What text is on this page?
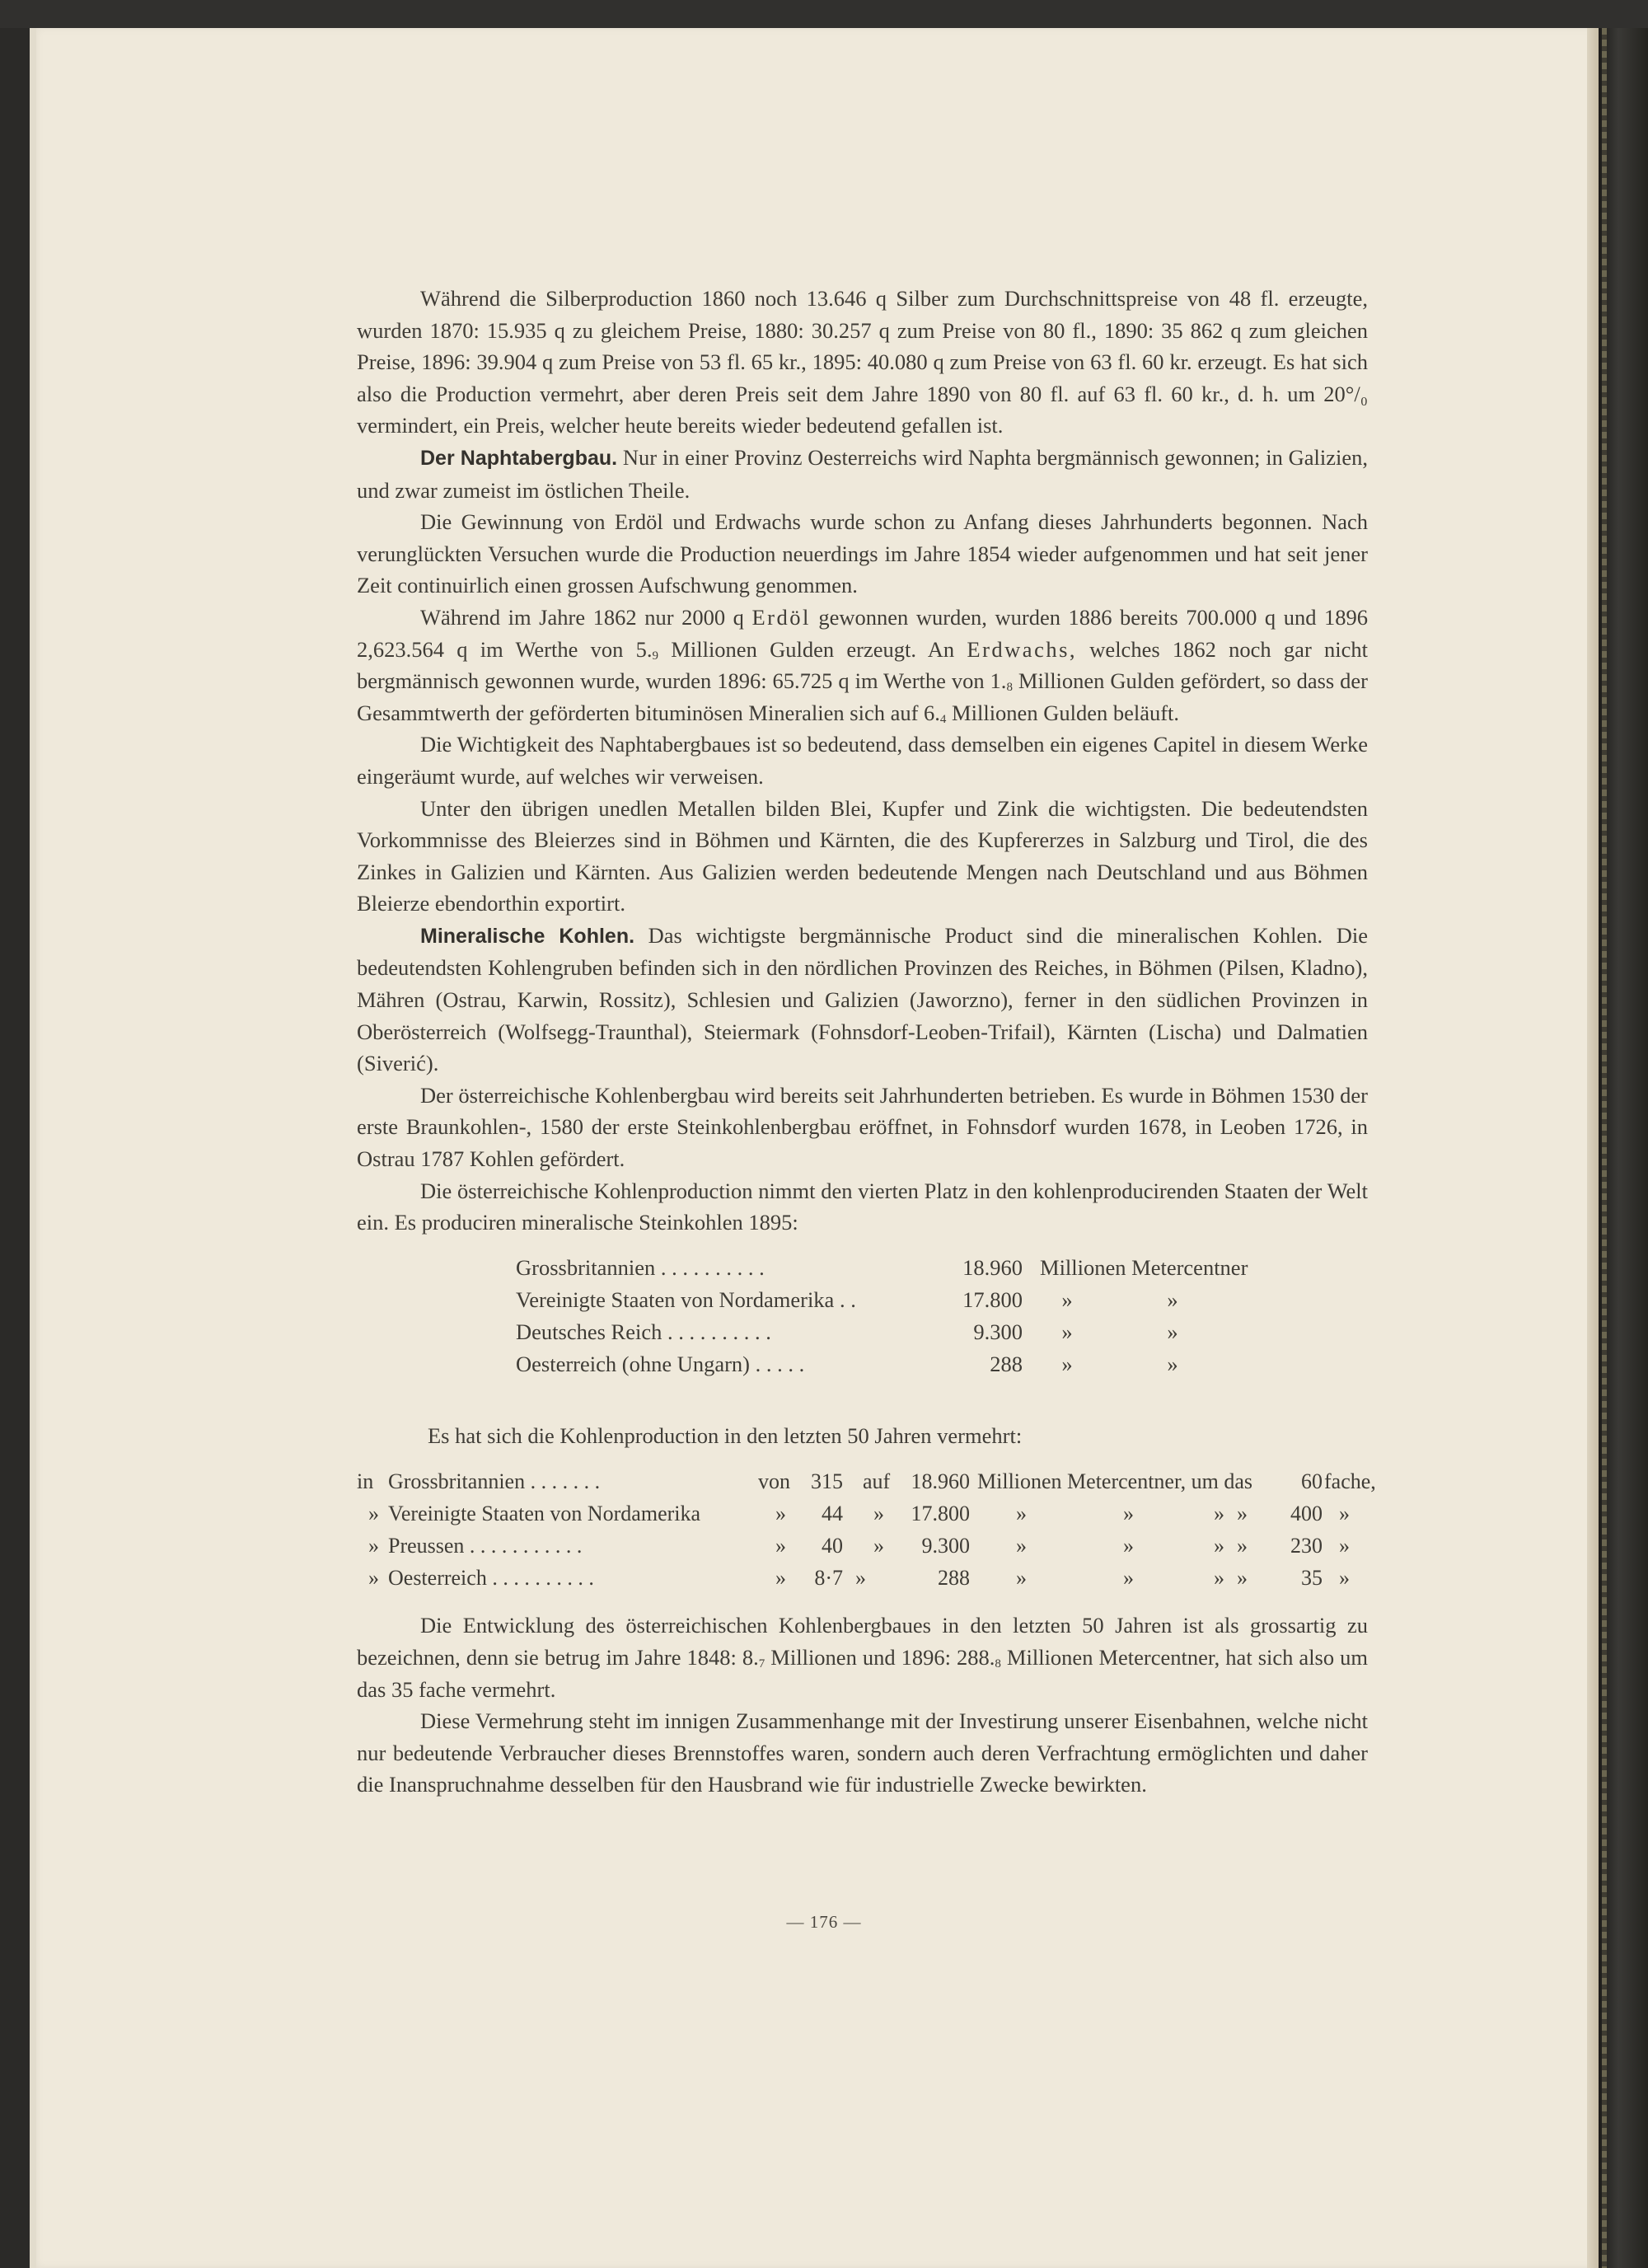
Während die Silberproduction 1860 noch 13.646 q Silber zum Durchschnittspreise von 48 fl. erzeugte, wurden 1870: 15.935 q zu gleichem Preise, 1880: 30.257 q zum Preise von 80 fl., 1890: 35 862 q zum gleichen Preise, 1896: 39.904 q zum Preise von 53 fl. 65 kr., 1895: 40.080 q zum Preise von 63 fl. 60 kr. erzeugt. Es hat sich also die Production vermehrt, aber deren Preis seit dem Jahre 1890 von 80 fl. auf 63 fl. 60 kr., d. h. um 20°/₀ vermindert, ein Preis, welcher heute bereits wieder bedeutend gefallen ist.

Der Naphtabergbau. Nur in einer Provinz Oesterreichs wird Naphta bergmännisch gewonnen; in Galizien, und zwar zumeist im östlichen Theile.

Die Gewinnung von Erdöl und Erdwachs wurde schon zu Anfang dieses Jahrhunderts begonnen. Nach verunglückten Versuchen wurde die Production neuerdings im Jahre 1854 wieder aufgenommen und hat seit jener Zeit continuirlich einen grossen Aufschwung genommen.

Während im Jahre 1862 nur 2000 q Erdöl gewonnen wurden, wurden 1886 bereits 700.000 q und 1896 2,623.564 q im Werthe von $5._9$ Millionen Gulden erzeugt. An Erdwachs, welches 1862 noch gar nicht bergmännisch gewonnen wurde, wurden 1896: 65.725 q im Werthe von $1._8$ Millionen Gulden gefördert, so dass der Gesammtwerth der geförderten bituminösen Mineralien sich auf $6._4$ Millionen Gulden beläuft.

Die Wichtigkeit des Naphtabergbaues ist so bedeutend, dass demselben ein eigenes Capitel in diesem Werke eingeräumt wurde, auf welches wir verweisen.

Unter den übrigen unedlen Metallen bilden Blei, Kupfer und Zink die wichtigsten. Die bedeutendsten Vorkommnisse des Bleierzes sind in Böhmen und Kärnten, die des Kupfererzes in Salzburg und Tirol, die des Zinkes in Galizien und Kärnten. Aus Galizien werden bedeutende Mengen nach Deutschland und aus Böhmen Bleierze ebendorthin exportirt.

Mineralische Kohlen. Das wichtigste bergmännische Product sind die mineralischen Kohlen. Die bedeutendsten Kohlengruben befinden sich in den nördlichen Provinzen des Reiches, in Böhmen (Pilsen, Kladno), Mähren (Ostrau, Karwin, Rossitz), Schlesien und Galizien (Jaworzno), ferner in den südlichen Provinzen in Oberösterreich (Wolfsegg-Traunthal), Steiermark (Fohnsdorf-Leoben-Trifail), Kärnten (Lischa) und Dalmatien (Siverić).

Der österreichische Kohlenbergbau wird bereits seit Jahrhunderten betrieben. Es wurde in Böhmen 1530 der erste Braunkohlen-, 1580 der erste Steinkohlenbergbau eröffnet, in Fohnsdorf wurden 1678, in Leoben 1726, in Ostrau 1787 Kohlen gefördert.

Die österreichische Kohlenproduction nimmt den vierten Platz in den kohlenproducirenden Staaten der Welt ein. Es produciren mineralische Steinkohlen 1895:

Grossbritannien . . . . . . . . . .	18.960 Millionen Metercentner
Vereinigte Staaten von Nordamerika . .	17.800	»	»
Deutsches Reich . . . . . . . . . .	9.300	»	»
Oesterreich (ohne Ungarn) . . . . .	288	»	»

Es hat sich die Kohlenproduction in den letzten 50 Jahren vermehrt:

in Grossbritannien . . . . . . .	von 315 auf 18.960 Millionen Metercentner, um das	60 fache,
» Vereinigte Staaten von Nordamerika	»	44 »	17.800 »	»	» »	400 »
» Preussen . . . . . . . . . . .	»	40 »	9.300 »	»	» »	230 »
» Oesterreich . . . . . . . . . .	»	8·7 »	288 »	»	» »	35 »

Die Entwicklung des österreichischen Kohlenbergbaues in den letzten 50 Jahren ist als grossartig zu bezeichnen, denn sie betrug im Jahre 1848: $8._7$ Millionen und 1896: $288._8$ Millionen Metercentner, hat sich also um das 35 fache vermehrt.

Diese Vermehrung steht im innigen Zusammenhange mit der Investirung unserer Eisenbahnen, welche nicht nur bedeutende Verbraucher dieses Brennstoffes waren, sondern auch deren Verfrachtung ermöglichten und daher die Inanspruchnahme desselben für den Hausbrand wie für industrielle Zwecke bewirkten.

— 176 —
